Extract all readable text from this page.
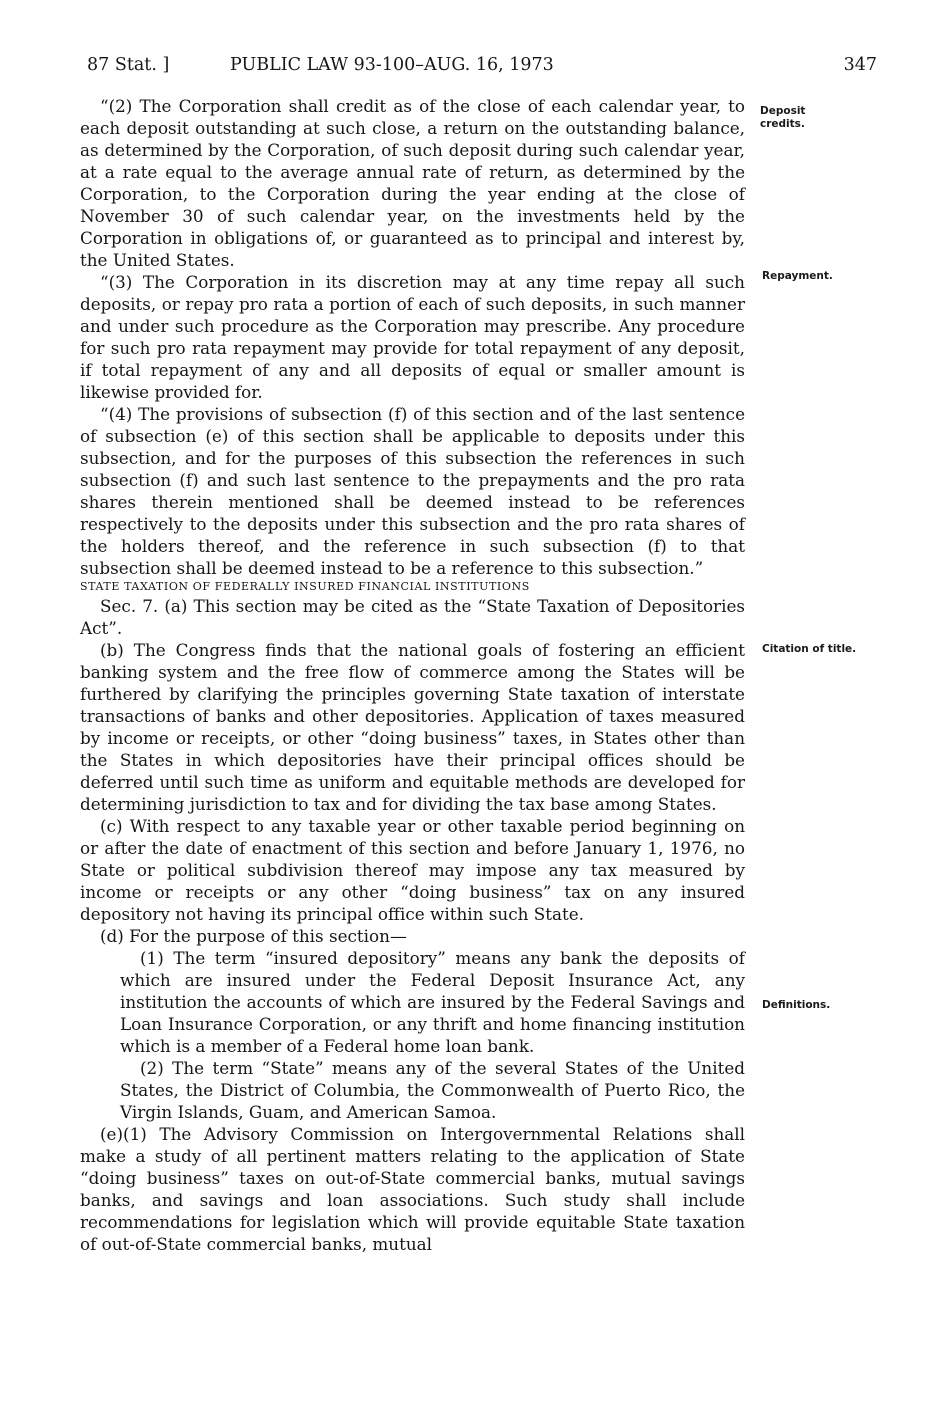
87 Stat. ]	PUBLIC LAW 93-100–AUG. 16, 1973	347
Deposit credits.
Repayment.
Citation of title.
Definitions.

“(2) The Corporation shall credit as of the close of each calendar year, to each deposit outstanding at such close, a return on the outstanding balance, as determined by the Corporation, of such deposit during such calendar year, at a rate equal to the average annual rate of return, as determined by the Corporation, to the Corporation during the year ending at the close of November 30 of such calendar year, on the investments held by the Corporation in obligations of, or guaranteed as to principal and interest by, the United States.

“(3) The Corporation in its discretion may at any time repay all such deposits, or repay pro rata a portion of each of such deposits, in such manner and under such procedure as the Corporation may prescribe. Any procedure for such pro rata repayment may provide for total repayment of any deposit, if total repayment of any and all deposits of equal or smaller amount is likewise provided for.

“(4) The provisions of subsection (f) of this section and of the last sentence of subsection (e) of this section shall be applicable to deposits under this subsection, and for the purposes of this subsection the references in such subsection (f) and such last sentence to the prepayments and the pro rata shares therein mentioned shall be deemed instead to be references respectively to the deposits under this subsection and the pro rata shares of the holders thereof, and the reference in such subsection (f) to that subsection shall be deemed instead to be a reference to this subsection.”

STATE TAXATION OF FEDERALLY INSURED FINANCIAL INSTITUTIONS

Sec. 7. (a) This section may be cited as the “State Taxation of Depositories Act”.

(b) The Congress finds that the national goals of fostering an efficient banking system and the free flow of commerce among the States will be furthered by clarifying the principles governing State taxation of interstate transactions of banks and other depositories. Application of taxes measured by income or receipts, or other “doing business” taxes, in States other than the States in which depositories have their principal offices should be deferred until such time as uniform and equitable methods are developed for determining jurisdiction to tax and for dividing the tax base among States.

(c) With respect to any taxable year or other taxable period beginning on or after the date of enactment of this section and before January 1, 1976, no State or political subdivision thereof may impose any tax measured by income or receipts or any other “doing business” tax on any insured depository not having its principal office within such State.

(d) For the purpose of this section—

(1) The term “insured depository” means any bank the deposits of which are insured under the Federal Deposit Insurance Act, any institution the accounts of which are insured by the Federal Savings and Loan Insurance Corporation, or any thrift and home financing institution which is a member of a Federal home loan bank.

(2) The term “State” means any of the several States of the United States, the District of Columbia, the Commonwealth of Puerto Rico, the Virgin Islands, Guam, and American Samoa.

(e)(1) The Advisory Commission on Intergovernmental Relations shall make a study of all pertinent matters relating to the application of State “doing business” taxes on out-of-State commercial banks, mutual savings banks, and savings and loan associations. Such study shall include recommendations for legislation which will provide equitable State taxation of out-of-State commercial banks, mutual
